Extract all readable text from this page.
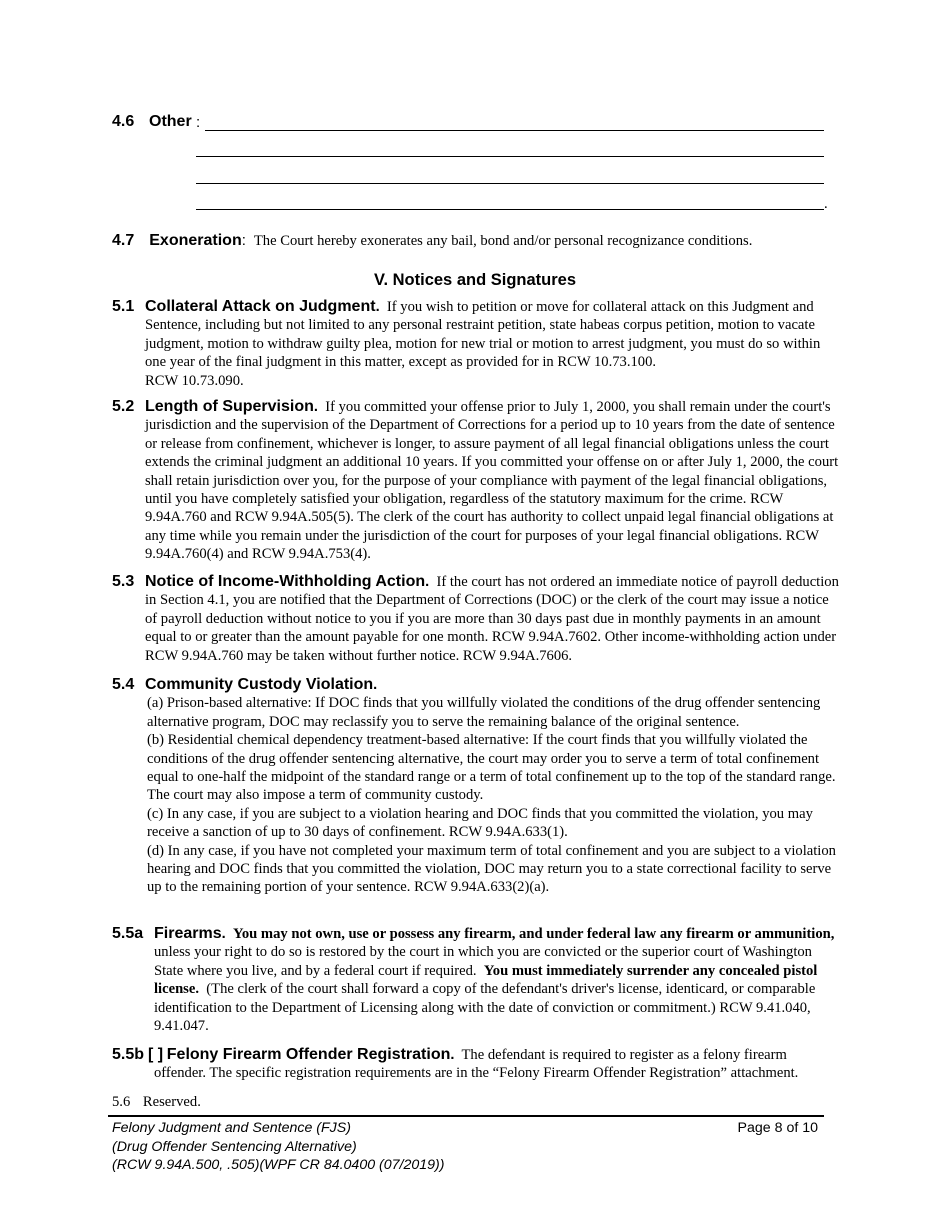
4.6 Other :
.
4.7 Exoneration: The Court hereby exonerates any bail, bond and/or personal recognizance conditions.
V. Notices and Signatures
5.1 Collateral Attack on Judgment. If you wish to petition or move for collateral attack on this Judgment and Sentence, including but not limited to any personal restraint petition, state habeas corpus petition, motion to vacate judgment, motion to withdraw guilty plea, motion for new trial or motion to arrest judgment, you must do so within one year of the final judgment in this matter, except as provided for in RCW 10.73.100.
RCW 10.73.090.
5.2 Length of Supervision. If you committed your offense prior to July 1, 2000, you shall remain under the court's jurisdiction and the supervision of the Department of Corrections for a period up to 10 years from the date of sentence or release from confinement, whichever is longer, to assure payment of all legal financial obligations unless the court extends the criminal judgment an additional 10 years. If you committed your offense on or after July 1, 2000, the court shall retain jurisdiction over you, for the purpose of your compliance with payment of the legal financial obligations, until you have completely satisfied your obligation, regardless of the statutory maximum for the crime. RCW 9.94A.760 and RCW 9.94A.505(5). The clerk of the court has authority to collect unpaid legal financial obligations at any time while you remain under the jurisdiction of the court for purposes of your legal financial obligations. RCW 9.94A.760(4) and RCW 9.94A.753(4).
5.3 Notice of Income-Withholding Action. If the court has not ordered an immediate notice of payroll deduction in Section 4.1, you are notified that the Department of Corrections (DOC) or the clerk of the court may issue a notice of payroll deduction without notice to you if you are more than 30 days past due in monthly payments in an amount equal to or greater than the amount payable for one month. RCW 9.94A.7602. Other income-withholding action under RCW 9.94A.760 may be taken without further notice. RCW 9.94A.7606.
5.4 Community Custody Violation.

(a) Prison-based alternative: If DOC finds that you willfully violated the conditions of the drug offender sentencing alternative program, DOC may reclassify you to serve the remaining balance of the original sentence.

(b) Residential chemical dependency treatment-based alternative: If the court finds that you willfully violated the conditions of the drug offender sentencing alternative, the court may order you to serve a term of total confinement equal to one-half the midpoint of the standard range or a term of total confinement up to the top of the standard range. The court may also impose a term of community custody.

(c) In any case, if you are subject to a violation hearing and DOC finds that you committed the violation, you may receive a sanction of up to 30 days of confinement. RCW 9.94A.633(1).

(d) In any case, if you have not completed your maximum term of total confinement and you are subject to a violation hearing and DOC finds that you committed the violation, DOC may return you to a state correctional facility to serve up to the remaining portion of your sentence. RCW 9.94A.633(2)(a).

5.5a Firearms. You may not own, use or possess any firearm, and under federal law any firearm or ammunition, unless your right to do so is restored by the court in which you are convicted or the superior court of Washington State where you live, and by a federal court if required. You must immediately surrender any concealed pistol license. (The clerk of the court shall forward a copy of the defendant's driver's license, identicard, or comparable identification to the Department of Licensing along with the date of conviction or commitment.) RCW 9.41.040, 9.41.047.
5.5b [ ] Felony Firearm Offender Registration. The defendant is required to register as a felony firearm offender. The specific registration requirements are in the “Felony Firearm Offender Registration” attachment.
5.6 Reserved.
Felony Judgment and Sentence (FJS)
(Drug Offender Sentencing Alternative)
(RCW 9.94A.500, .505)(WPF CR 84.0400 (07/2019))
Page 8 of 10
